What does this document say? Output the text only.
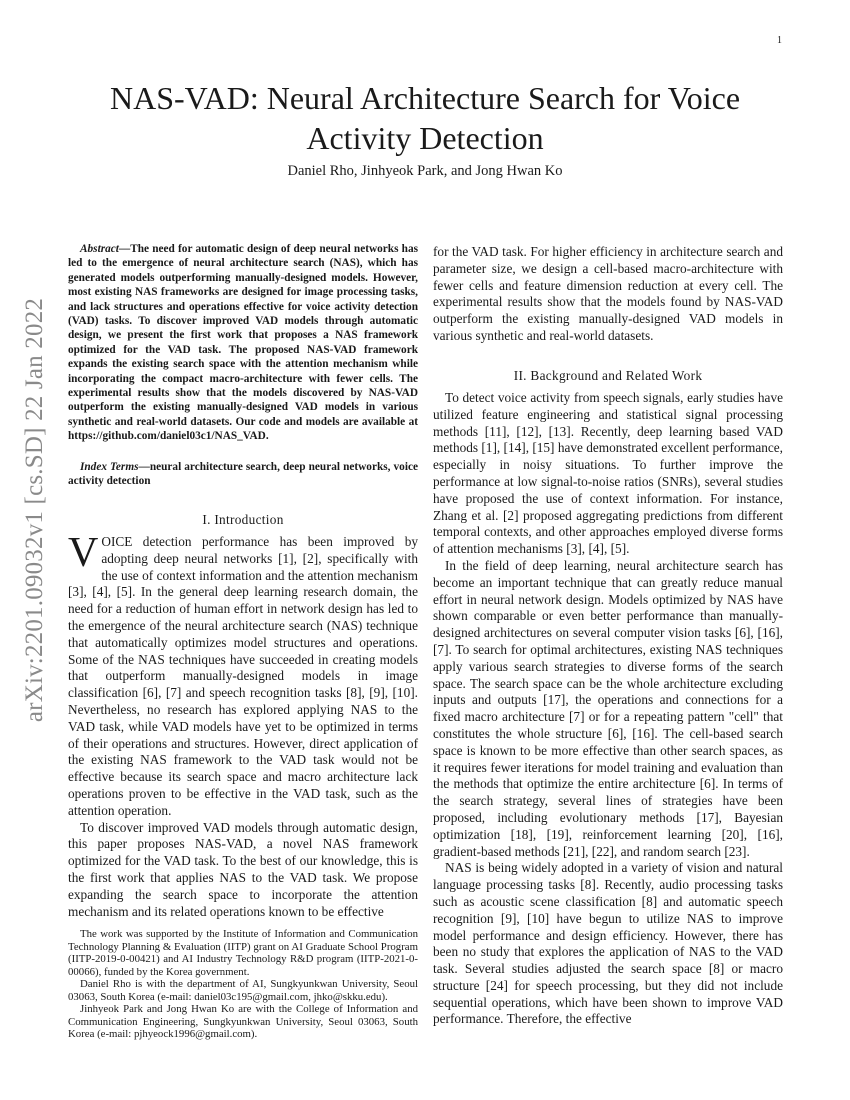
1
arXiv:2201.09032v1 [cs.SD] 22 Jan 2022
NAS-VAD: Neural Architecture Search for Voice
Activity Detection
Daniel Rho, Jinhyeok Park, and Jong Hwan Ko

Abstract—The need for automatic design of deep neural networks has led to the emergence of neural architecture search (NAS), which has generated models outperforming manually-designed models. However, most existing NAS frameworks are designed for image processing tasks, and lack structures and operations effective for voice activity detection (VAD) tasks. To discover improved VAD models through automatic design, we present the first work that proposes a NAS framework optimized for the VAD task. The proposed NAS-VAD framework expands the existing search space with the attention mechanism while incorporating the compact macro-architecture with fewer cells. The experimental results show that the models discovered by NAS-VAD outperform the existing manually-designed VAD models in various synthetic and real-world datasets. Our code and models are available at https://github.com/daniel03c1/NAS_VAD.

Index Terms—neural architecture search, deep neural networks, voice activity detection

I. Introduction

VOICE detection performance has been improved by adopting deep neural networks [1], [2], specifically with the use of context information and the attention mechanism [3], [4], [5]. In the general deep learning research domain, the need for a reduction of human effort in network design has led to the emergence of the neural architecture search (NAS) technique that automatically optimizes model structures and operations. Some of the NAS techniques have succeeded in creating models that outperform manually-designed models in image classification [6], [7] and speech recognition tasks [8], [9], [10]. Nevertheless, no research has explored applying NAS to the VAD task, while VAD models have yet to be optimized in terms of their operations and structures. However, direct application of the existing NAS framework to the VAD task would not be effective because its search space and macro architecture lack operations proven to be effective in the VAD task, such as the attention operation.

To discover improved VAD models through automatic design, this paper proposes NAS-VAD, a novel NAS framework optimized for the VAD task. To the best of our knowledge, this is the first work that applies NAS to the VAD task. We propose expanding the search space to incorporate the attention mechanism and its related operations known to be effective

The work was supported by the Institute of Information and Communication Technology Planning & Evaluation (IITP) grant on AI Graduate School Program (IITP-2019-0-00421) and AI Industry Technology R&D program (IITP-2021-0-00066), funded by the Korea government.

Daniel Rho is with the department of AI, Sungkyunkwan University, Seoul 03063, South Korea (e-mail: daniel03c195@gmail.com, jhko@skku.edu).

Jinhyeok Park and Jong Hwan Ko are with the College of Information and Communication Engineering, Sungkyunkwan University, Seoul 03063, South Korea (e-mail: pjhyeock1996@gmail.com).

for the VAD task. For higher efficiency in architecture search and parameter size, we design a cell-based macro-architecture with fewer cells and feature dimension reduction at every cell. The experimental results show that the models found by NAS-VAD outperform the existing manually-designed VAD models in various synthetic and real-world datasets.

II. Background and Related Work

To detect voice activity from speech signals, early studies have utilized feature engineering and statistical signal processing methods [11], [12], [13]. Recently, deep learning based VAD methods [1], [14], [15] have demonstrated excellent performance, especially in noisy situations. To further improve the performance at low signal-to-noise ratios (SNRs), several studies have proposed the use of context information. For instance, Zhang et al. [2] proposed aggregating predictions from different temporal contexts, and other approaches employed diverse forms of attention mechanisms [3], [4], [5].

In the field of deep learning, neural architecture search has become an important technique that can greatly reduce manual effort in neural network design. Models optimized by NAS have shown comparable or even better performance than manually-designed architectures on several computer vision tasks [6], [16], [7]. To search for optimal architectures, existing NAS techniques apply various search strategies to diverse forms of the search space. The search space can be the whole architecture excluding inputs and outputs [17], the operations and connections for a fixed macro architecture [7] or for a repeating pattern "cell" that constitutes the whole structure [6], [16]. The cell-based search space is known to be more effective than other search spaces, as it requires fewer iterations for model training and evaluation than the methods that optimize the entire architecture [6]. In terms of the search strategy, several lines of strategies have been proposed, including evolutionary methods [17], Bayesian optimization [18], [19], reinforcement learning [20], [16], gradient-based methods [21], [22], and random search [23].

NAS is being widely adopted in a variety of vision and natural language processing tasks [8]. Recently, audio processing tasks such as acoustic scene classification [8] and automatic speech recognition [9], [10] have begun to utilize NAS to improve model performance and design efficiency. However, there has been no study that explores the application of NAS to the VAD task. Several studies adjusted the search space [8] or macro structure [24] for speech processing, but they did not include sequential operations, which have been shown to improve VAD performance. Therefore, the effective
